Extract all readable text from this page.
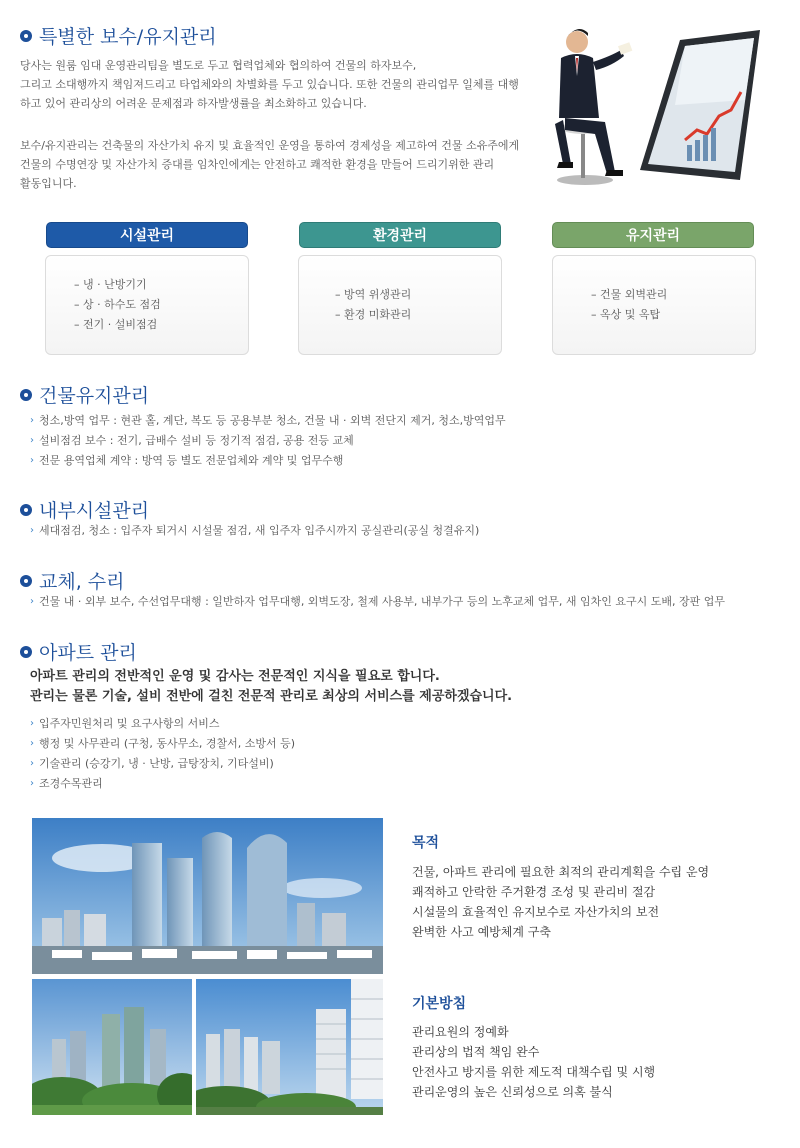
특별한 보수/유지관리
당사는 원룸 임대 운영관리팀을 별도로 두고 협력업체와 협의하여 건물의 하자보수,
그리고 소대행까지 책임져드리고 타업체와의 차별화를 두고 있습니다. 또한 건물의 관리업무 일체를 대행
하고 있어 관리상의 어려운 문제점과 하자발생률을 최소화하고 있습니다.
보수/유지관리는 건축물의 자산가치 유지 및 효율적인 운영을 통하여 경제성을 제고하여 건물 소유주에게
건물의 수명연장 및 자산가치 증대를 임차인에게는 안전하고 쾌적한 환경을 만들어 드리기위한 관리
활동입니다.
시설관리
– 냉 · 난방기기
– 상 · 하수도 점검
– 전기 · 설비점검
환경관리
– 방역 위생관리
– 환경 미화관리
유지관리
– 건물 외벽관리
– 옥상 및 옥탑
건물유지관리
› 청소,방역 업무 : 현관 홀, 계단, 복도 등 공용부분 청소, 건물 내 · 외벽 전단지 제거, 청소,방역업무
› 설비점검 보수 : 전기, 급배수 설비 등 정기적 점검, 공용 전등 교체
› 전문 용역업체 계약 : 방역 등 별도 전문업체와 계약 및 업무수행
내부시설관리
› 세대점검, 청소 : 입주자 퇴거시 시설물 점검, 새 입주자 입주시까지 공실관리(공실 청결유지)
교체, 수리
› 건물 내 · 외부 보수, 수선업무대행 : 일반하자 업무대행, 외벽도장, 철제 사용부, 내부가구 등의 노후교체 업무, 새 임차인 요구시 도배, 장판 업무
아파트 관리
아파트 관리의 전반적인 운영 및 감사는 전문적인 지식을 필요로 합니다.
관리는 물론 기술, 설비 전반에 걸친 전문적 관리로 최상의 서비스를 제공하겠습니다.
› 입주자민원처리 및 요구사항의 서비스
› 행정 및 사무관리 (구청, 동사무소, 경찰서, 소방서 등)
› 기술관리 (승강기, 냉 · 난방, 급탕장치, 기타설비)
› 조경수목관리
목적
건물, 아파트 관리에 필요한 최적의 관리계획을 수립 운영
쾌적하고 안락한 주거환경 조성 및 관리비 절감
시설물의 효율적인 유지보수로 자산가치의 보전
완벽한 사고 예방체계 구축
기본방침
관리요원의 정예화
관리상의 법적 책임 완수
안전사고 방지를 위한 제도적 대책수립 및 시행
관리운영의 높은 신뢰성으로 의혹 불식
